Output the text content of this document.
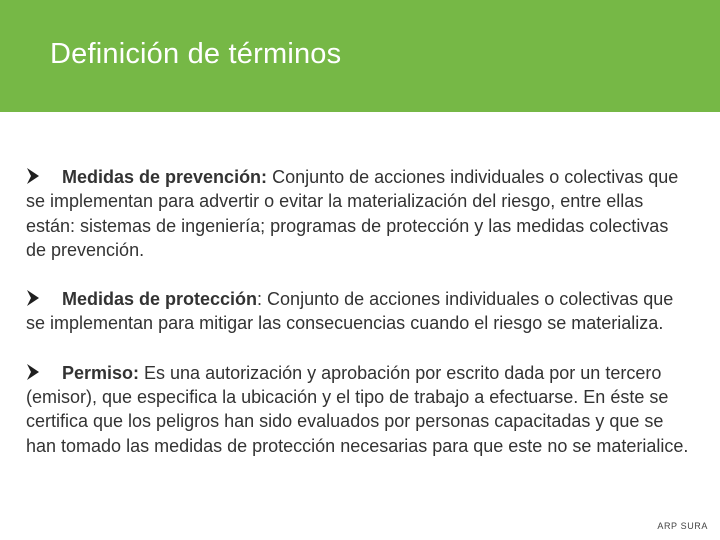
Definición de términos

Medidas de prevención: Conjunto de acciones individuales o colectivas que se implementan para advertir o evitar la materialización del riesgo, entre ellas están: sistemas de ingeniería; programas de protección y las medidas colectivas de prevención.

Medidas de protección: Conjunto de acciones individuales o colectivas que se implementan para mitigar las consecuencias cuando el riesgo se materializa.

Permiso: Es una autorización y aprobación por escrito dada por un tercero (emisor), que especifica la ubicación y el tipo de trabajo a efectuarse. En éste se certifica que los peligros han sido evaluados por personas capacitadas y que se han tomado las medidas de protección necesarias para que este no se materialice.

ARP SURA
